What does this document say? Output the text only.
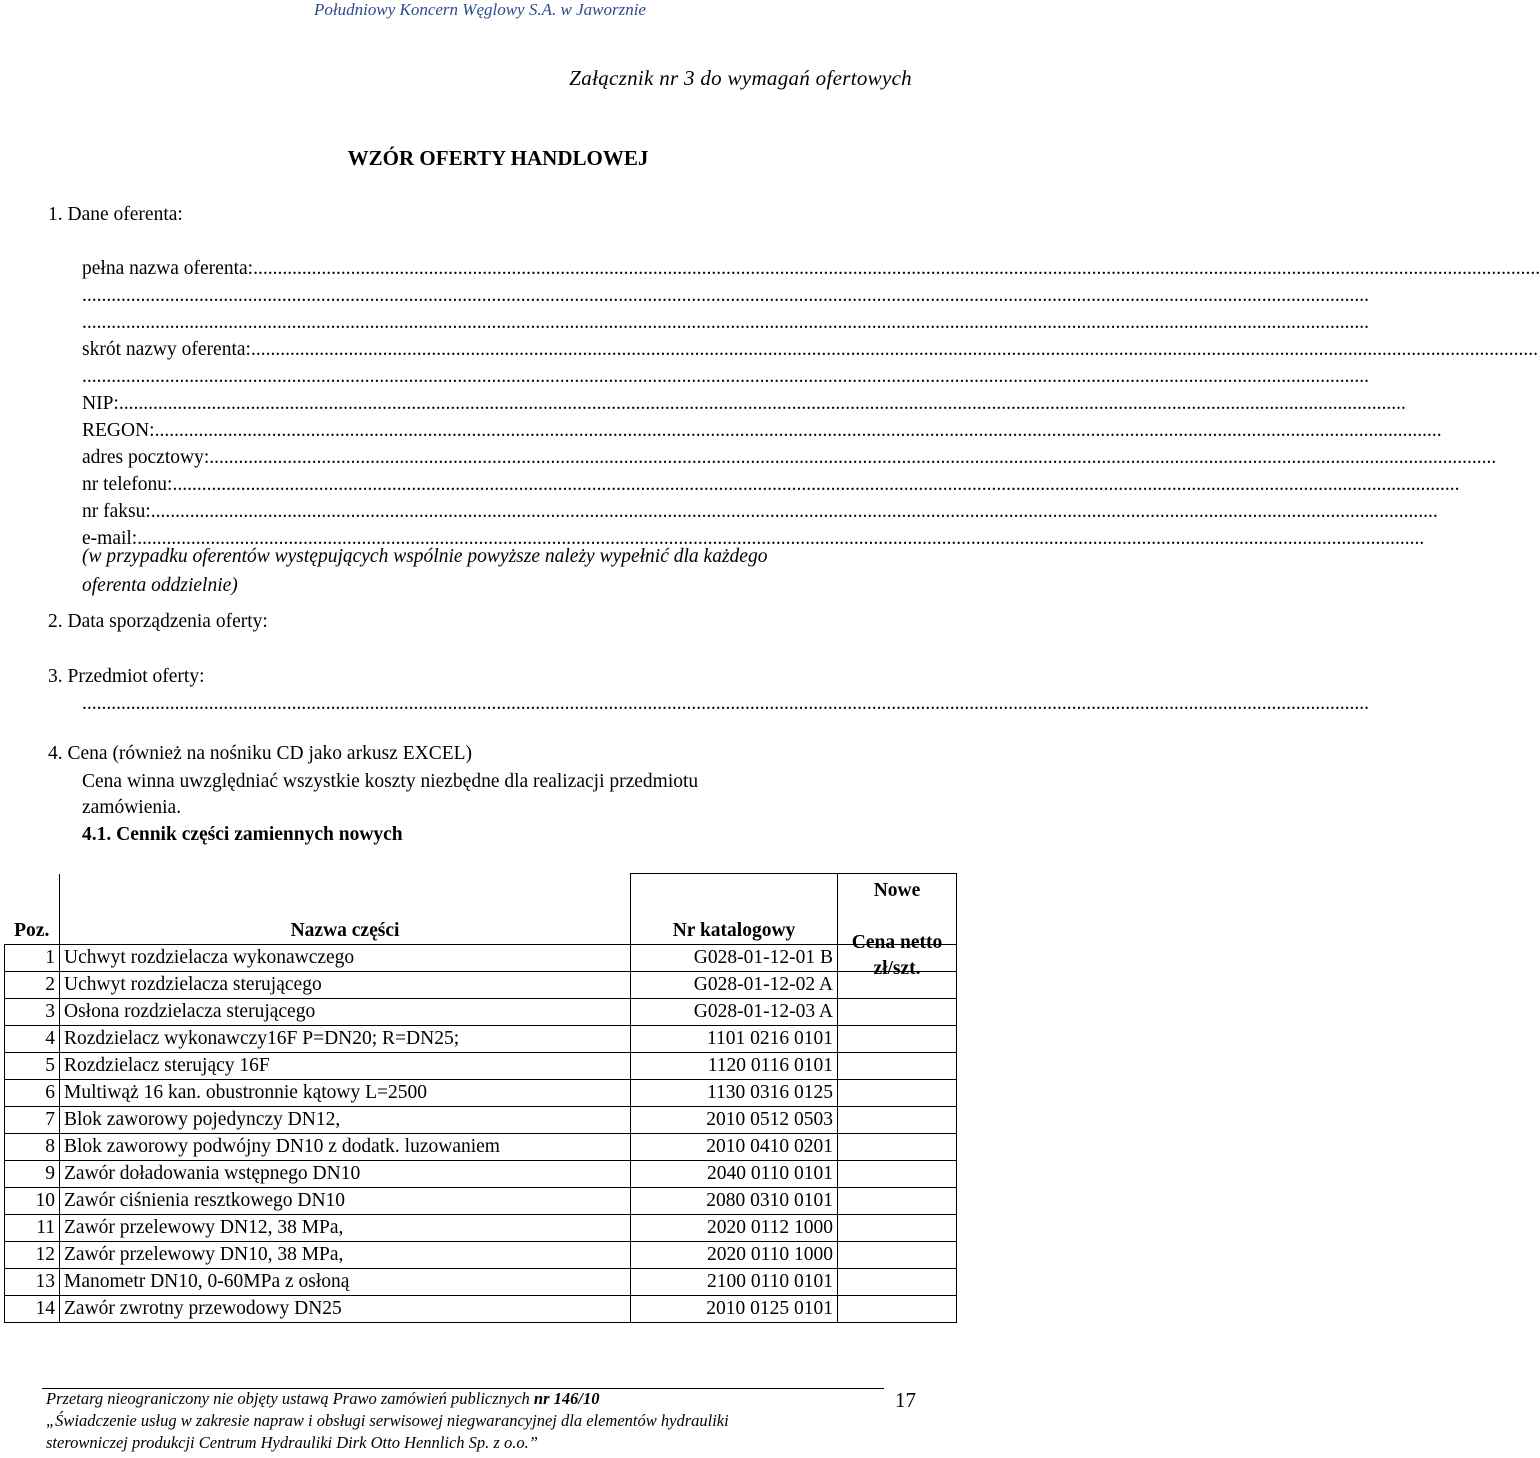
Południowy Koncern Węglowy S.A. w Jaworznie
Załącznik nr 3 do wymagań ofertowych
WZÓR OFERTY HANDLOWEJ
1. Dane oferenta:
pełna nazwa oferenta:........................................................................................................................................................................................................................................................................
........................................................................................................................................................................................................................................................................
........................................................................................................................................................................................................................................................................
skrót nazwy oferenta:........................................................................................................................................................................................................................................................................
........................................................................................................................................................................................................................................................................
NIP:........................................................................................................................................................................................................................................................................
REGON:........................................................................................................................................................................................................................................................................
adres pocztowy:........................................................................................................................................................................................................................................................................
nr telefonu:........................................................................................................................................................................................................................................................................
nr faksu:........................................................................................................................................................................................................................................................................
e-mail:........................................................................................................................................................................................................................................................................
(w przypadku oferentów występujących wspólnie powyższe należy wypełnić dla każdego
oferenta oddzielnie)
2. Data sporządzenia oferty:
3. Przedmiot oferty:
........................................................................................................................................................................................................................................................................
4. Cena (również na nośniku CD jako arkusz EXCEL)
Cena winna uwzględniać wszystkie koszty niezbędne dla realizacji przedmiotu
zamówienia.
4.1. Cennik części zamiennych nowych
Poz.	Nazwa części	Nr katalogowy	Nowe
Cena netto zł/szt.

1	Uchwyt rozdzielacza wykonawczego	G028-01-12-01 B	
2	Uchwyt rozdzielacza sterującego	G028-01-12-02 A	
3	Osłona rozdzielacza sterującego	G028-01-12-03 A	
4	Rozdzielacz wykonawczy16F P=DN20; R=DN25;	1101 0216 0101	
5	Rozdzielacz sterujący 16F	1120 0116 0101	
6	Multiwąż 16 kan. obustronnie kątowy L=2500	1130 0316 0125	
7	Blok zaworowy pojedynczy DN12,	2010 0512 0503	
8	Blok zaworowy podwójny DN10 z dodatk. luzowaniem	2010 0410 0201	
9	Zawór doładowania wstępnego DN10	2040 0110 0101	
10	Zawór ciśnienia resztkowego DN10	2080 0310 0101	
11	Zawór przelewowy DN12, 38 MPa,	2020 0112 1000	
12	Zawór przelewowy DN10, 38 MPa,	2020 0110 1000	
13	Manometr DN10, 0-60MPa z osłoną	2100 0110 0101	
14	Zawór zwrotny przewodowy DN25	2010 0125 0101	
Przetarg nieograniczony nie objęty ustawą Prawo zamówień publicznych nr 146/10
„Świadczenie usług w zakresie napraw i obsługi serwisowej niegwarancyjnej dla elementów hydrauliki
sterowniczej produkcji Centrum Hydrauliki Dirk Otto Hennlich Sp. z o.o.”
17
